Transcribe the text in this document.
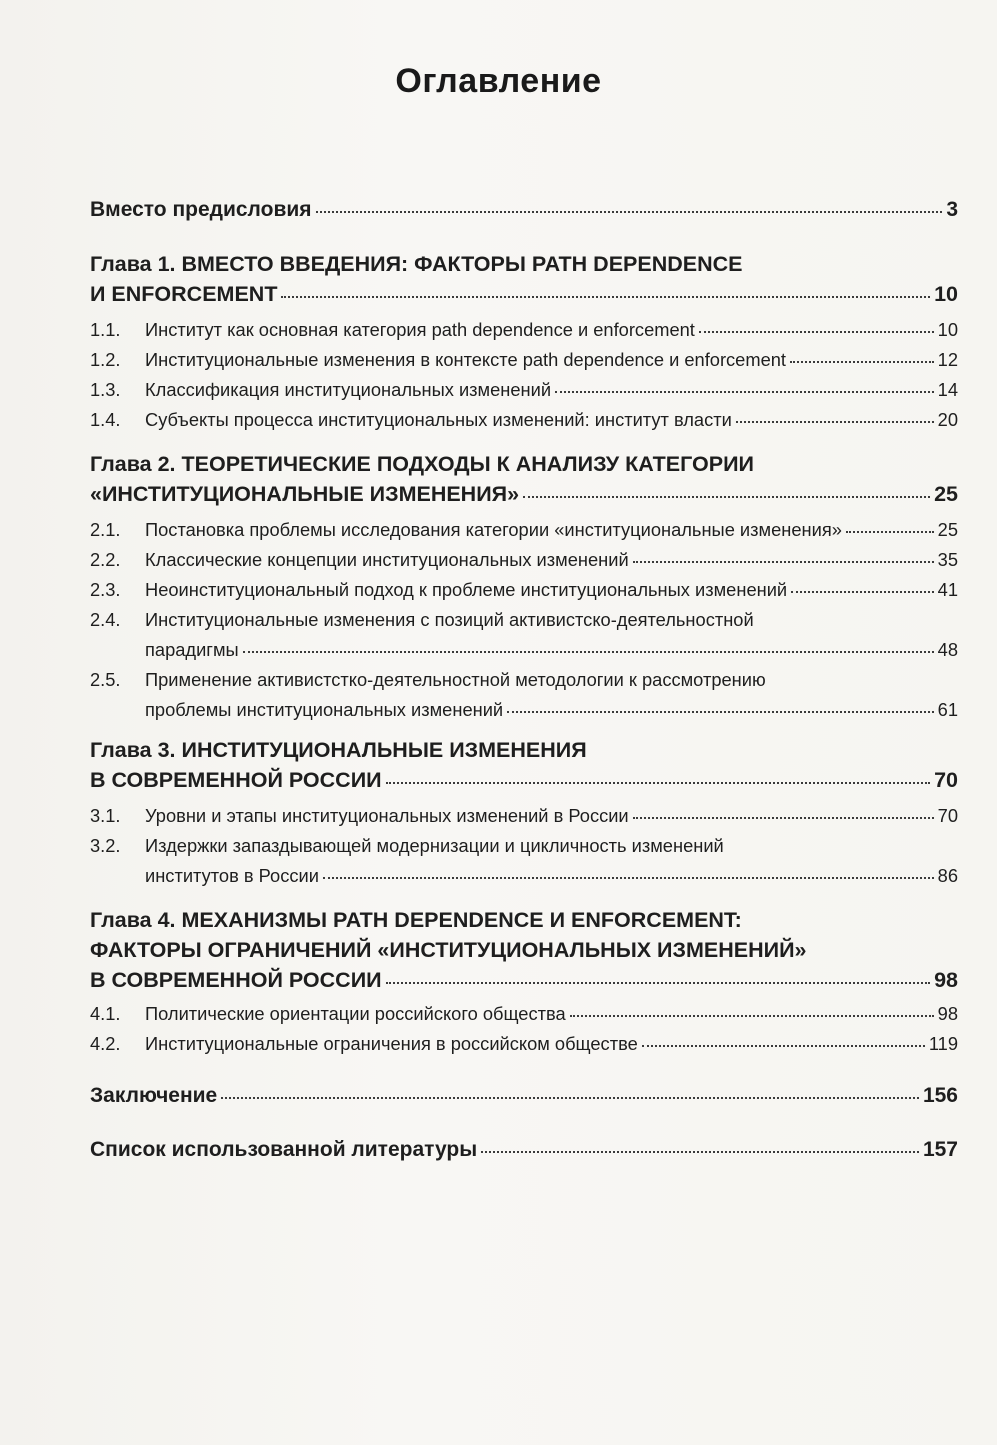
Оглавление
Вместо предисловия	3
Глава 1. ВМЕСТО ВВЕДЕНИЯ: ФАКТОРЫ PATH DEPENDENCE
И ENFORCEMENT	10
1.1.	Институт как основная категория path dependence и enforcement	10
1.2.	Институциональные изменения в контексте path dependence и enforcement	12
1.3.	Классификация институциональных изменений	14
1.4.	Субъекты процесса институциональных изменений: институт власти	20
Глава 2. ТЕОРЕТИЧЕСКИЕ ПОДХОДЫ К АНАЛИЗУ КАТЕГОРИИ
«ИНСТИТУЦИОНАЛЬНЫЕ ИЗМЕНЕНИЯ»	25
2.1.	Постановка проблемы исследования категории «институциональные изменения»	25
2.2.	Классические концепции институциональных изменений	35
2.3.	Неоинституциональный подход к проблеме институциональных изменений	41
2.4.	Институциональные изменения с позиций активистско-деятельностной
парадигмы	48
2.5.	Применение активистстко-деятельностной методологии к рассмотрению
проблемы институциональных изменений	61
Глава 3. ИНСТИТУЦИОНАЛЬНЫЕ ИЗМЕНЕНИЯ
В СОВРЕМЕННОЙ РОССИИ	70
3.1.	Уровни и этапы институциональных изменений в России	70
3.2.	Издержки запаздывающей модернизации и цикличность изменений
институтов в России	86
Глава 4. МЕХАНИЗМЫ PATH DEPENDENCE И ENFORCEMENT:
ФАКТОРЫ ОГРАНИЧЕНИЙ «ИНСТИТУЦИОНАЛЬНЫХ ИЗМЕНЕНИЙ»
В СОВРЕМЕННОЙ РОССИИ	98
4.1.	Политические ориентации российского общества	98
4.2.	Институциональные ограничения в российском обществе	119
Заключение	156
Список использованной литературы	157
